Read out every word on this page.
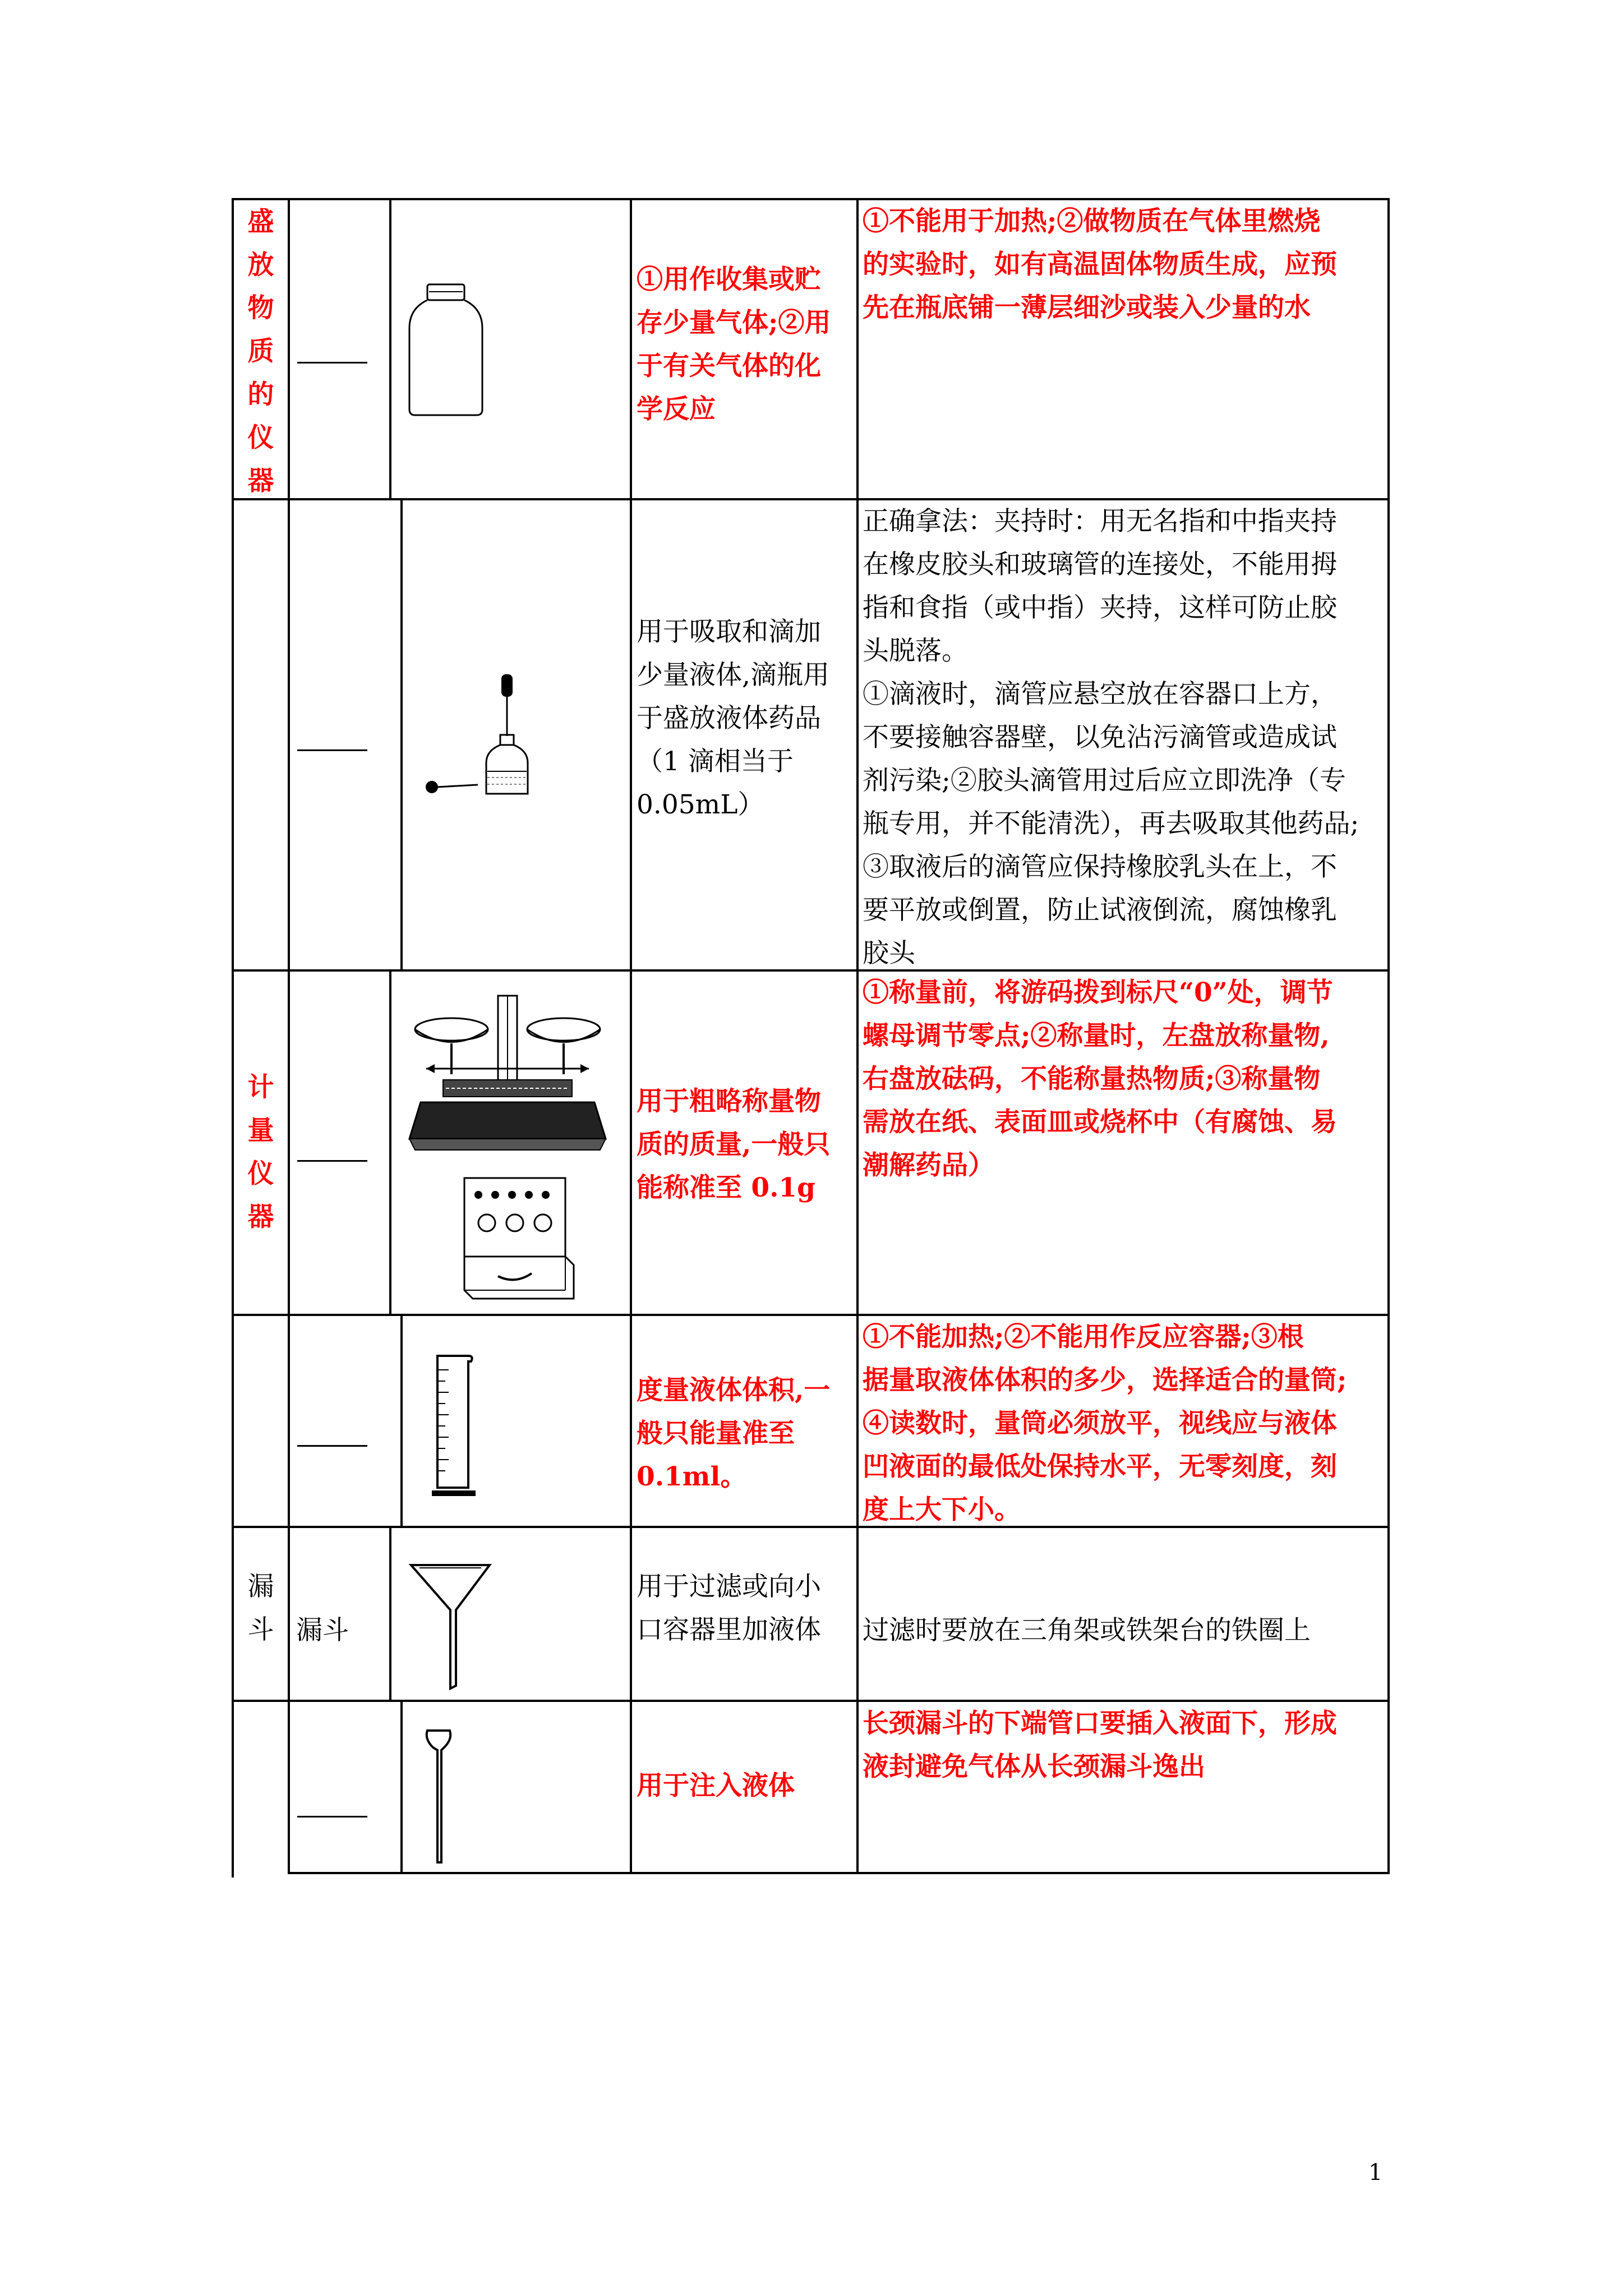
盛
放
物
质
的
仪
器
①用作收集或贮
存少量气体;②用
于有关气体的化
学反应
①不能用于加热;②做物质在气体里燃烧
的实验时，如有高温固体物质生成，应预
先在瓶底铺一薄层细沙或装入少量的水
用于吸取和滴加
少量液体,滴瓶用
于盛放液体药品
（1 滴相当于
0.05mL）
正确拿法：夹持时：用无名指和中指夹持
在橡皮胶头和玻璃管的连接处，不能用拇
指和食指（或中指）夹持，这样可防止胶
头脱落。
①滴液时，滴管应悬空放在容器口上方，
不要接触容器壁，以免沾污滴管或造成试
剂污染;②胶头滴管用过后应立即洗净（专
瓶专用，并不能清洗），再去吸取其他药品;
③取液后的滴管应保持橡胶乳头在上，不
要平放或倒置，防止试液倒流，腐蚀橡乳
胶头
计
量
仪
器
用于粗略称量物
质的质量,一般只
能称准至 0.1g
①称量前，将游码拨到标尺“0”处，调节
螺母调节零点;②称量时，左盘放称量物,
右盘放砝码，不能称量热物质;③称量物
需放在纸、表面皿或烧杯中（有腐蚀、易
潮解药品）
度量液体体积,一
般只能量准至
0.1ml。
①不能加热;②不能用作反应容器;③根
据量取液体体积的多少，选择适合的量筒;
④读数时，量筒必须放平，视线应与液体
凹液面的最低处保持水平，无零刻度，刻
度上大下小。
漏
斗 漏斗
用于过滤或向小
口容器里加液体	过滤时要放在三角架或铁架台的铁圈上
用于注入液体
长颈漏斗的下端管口要插入液面下，形成
液封避免气体从长颈漏斗逸出
1
